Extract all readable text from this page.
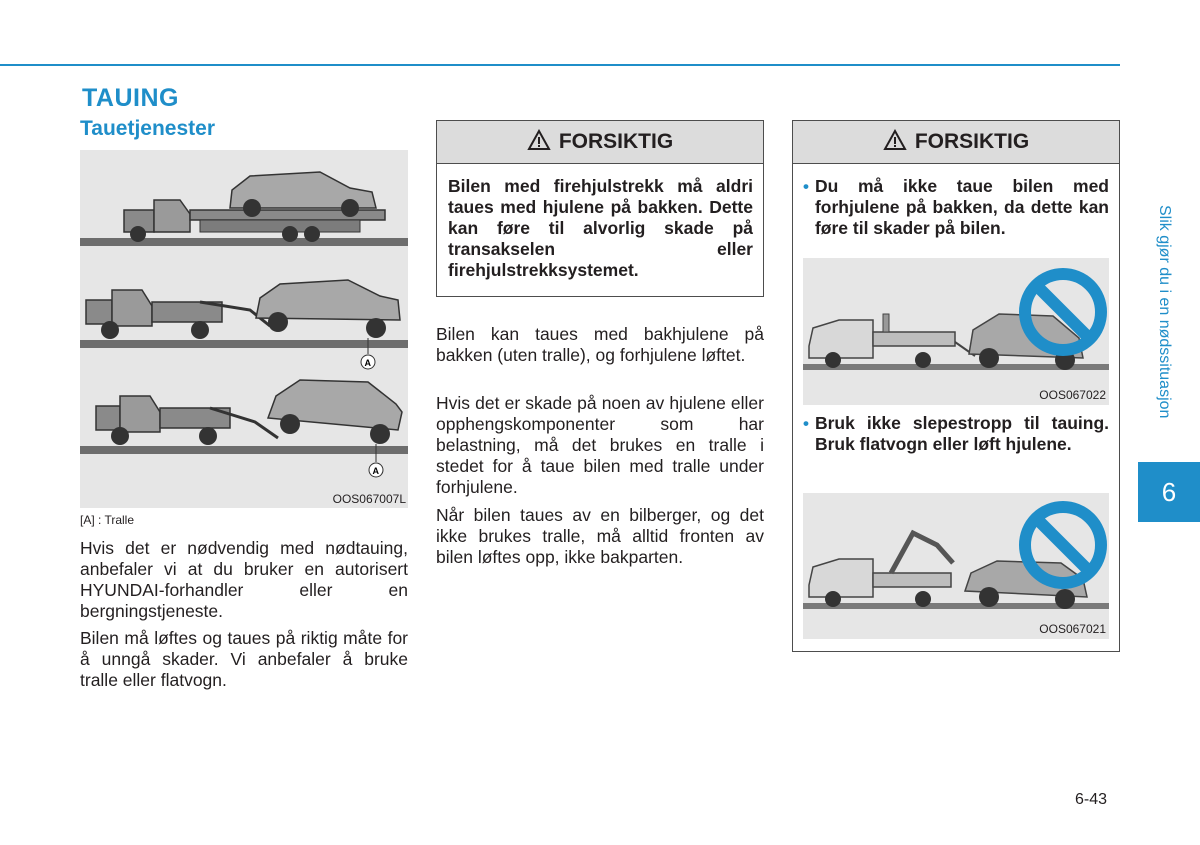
TAUING
Tauetjenester
A
A
OOS067007L
[A] : Tralle

Hvis det er nødvendig med nødtauing, anbefaler vi at du bruker en autorisert HYUNDAI-forhandler eller en bergningstjeneste.

Bilen må løftes og taues på riktig måte for å unngå skader. Vi anbefaler å bruke tralle eller flatvogn.

FORSIKTIG

Bilen med firehjulstrekk må aldri taues med hjulene på bakken. Dette kan føre til alvorlig skade på transakselen eller firehjulstrekksystemet.

Bilen kan taues med bakhjulene på bakken (uten tralle), og forhjulene løftet.

Hvis det er skade på noen av hjulene eller opphengskomponenter som har belastning, må det brukes en tralle i stedet for å taue bilen med tralle under forhjulene.

Når bilen taues av en bilberger, og det ikke brukes tralle, må alltid fronten av bilen løftes opp, ikke bakparten.

FORSIKTIG
• Du må ikke taue bilen med forhjulene på bakken, da dette kan føre til skader på bilen.

OOS067022
• Bruk ikke slepestropp til tauing. Bruk flatvogn eller løft hjulene.

OOS067021
Slik gjør du i en nødssituasjon
6
6-43
